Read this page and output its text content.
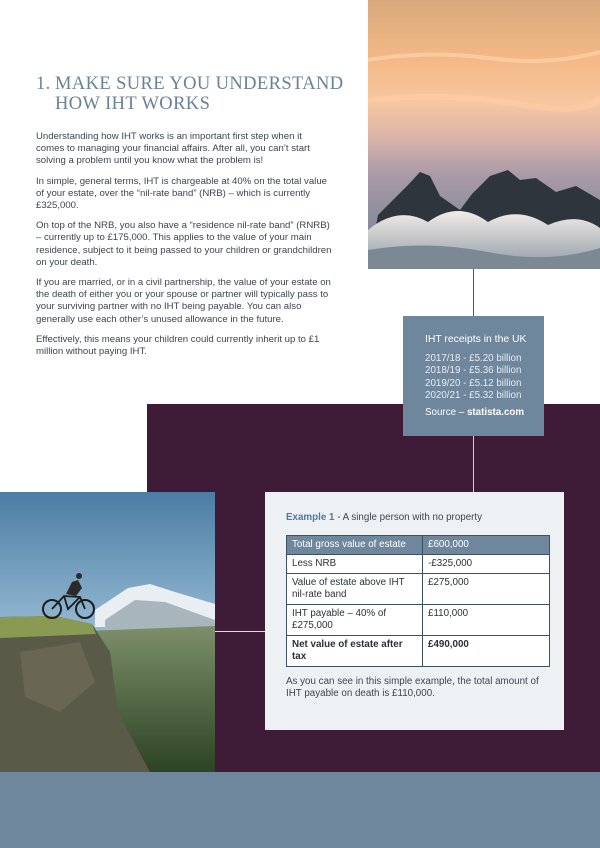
1. MAKE SURE YOU UNDERSTAND
HOW IHT WORKS

Understanding how IHT works is an important first step when it comes to managing your financial affairs. After all, you can’t start solving a problem until you know what the problem is!

In simple, general terms, IHT is chargeable at 40% on the total value of your estate, over the “nil-rate band” (NRB) – which is currently £325,000.

On top of the NRB, you also have a “residence nil-rate band” (RNRB) – currently up to £175,000. This applies to the value of your main residence, subject to it being passed to your children or grandchildren on your death.

If you are married, or in a civil partnership, the value of your estate on the death of either you or your spouse or partner will typically pass to your surviving partner with no IHT being payable. You can also generally use each other’s unused allowance in the future.

Effectively, this means your children could currently inherit up to £1 million without paying IHT.

IHT receipts in the UK
2017/18 - £5.20 billion
2018/19 - £5.36 billion
2019/20 - £5.12 billion
2020/21 - £5.32 billion
Source – statista.com
Example 1 - A single person with no property
Total gross value of estate	£600,000
Less NRB	-£325,000
Value of estate above IHT nil-rate band	£275,000
IHT payable – 40% of £275,000	£110,000
Net value of estate after tax	£490,000
As you can see in this simple example, the total amount of IHT payable on death is £110,000.
